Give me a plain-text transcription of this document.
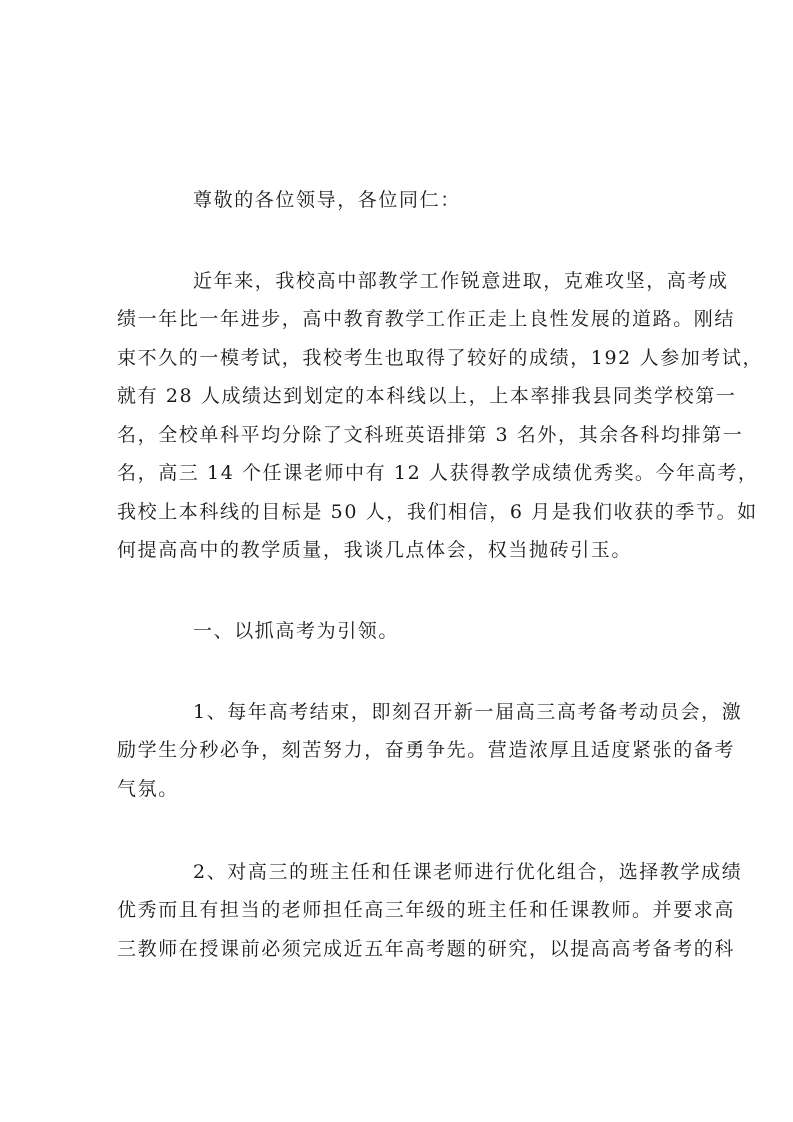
尊敬的各位领导，各位同仁：
近年来，我校高中部教学工作锐意进取，克难攻坚，高考成
绩一年比一年进步，高中教育教学工作正走上良性发展的道路。刚结
束不久的一模考试，我校考生也取得了较好的成绩，192 人参加考试，
就有 28 人成绩达到划定的本科线以上，上本率排我县同类学校第一
名，全校单科平均分除了文科班英语排第 3 名外，其余各科均排第一
名，高三 14 个任课老师中有 12 人获得教学成绩优秀奖。今年高考，
我校上本科线的目标是 50 人，我们相信，6 月是我们收获的季节。如
何提高高中的教学质量，我谈几点体会，权当抛砖引玉。
一、以抓高考为引领。
1、每年高考结束，即刻召开新一届高三高考备考动员会，激
励学生分秒必争，刻苦努力，奋勇争先。营造浓厚且适度紧张的备考
气氛。
2、对高三的班主任和任课老师进行优化组合，选择教学成绩
优秀而且有担当的老师担任高三年级的班主任和任课教师。并要求高
三教师在授课前必须完成近五年高考题的研究，以提高高考备考的科
